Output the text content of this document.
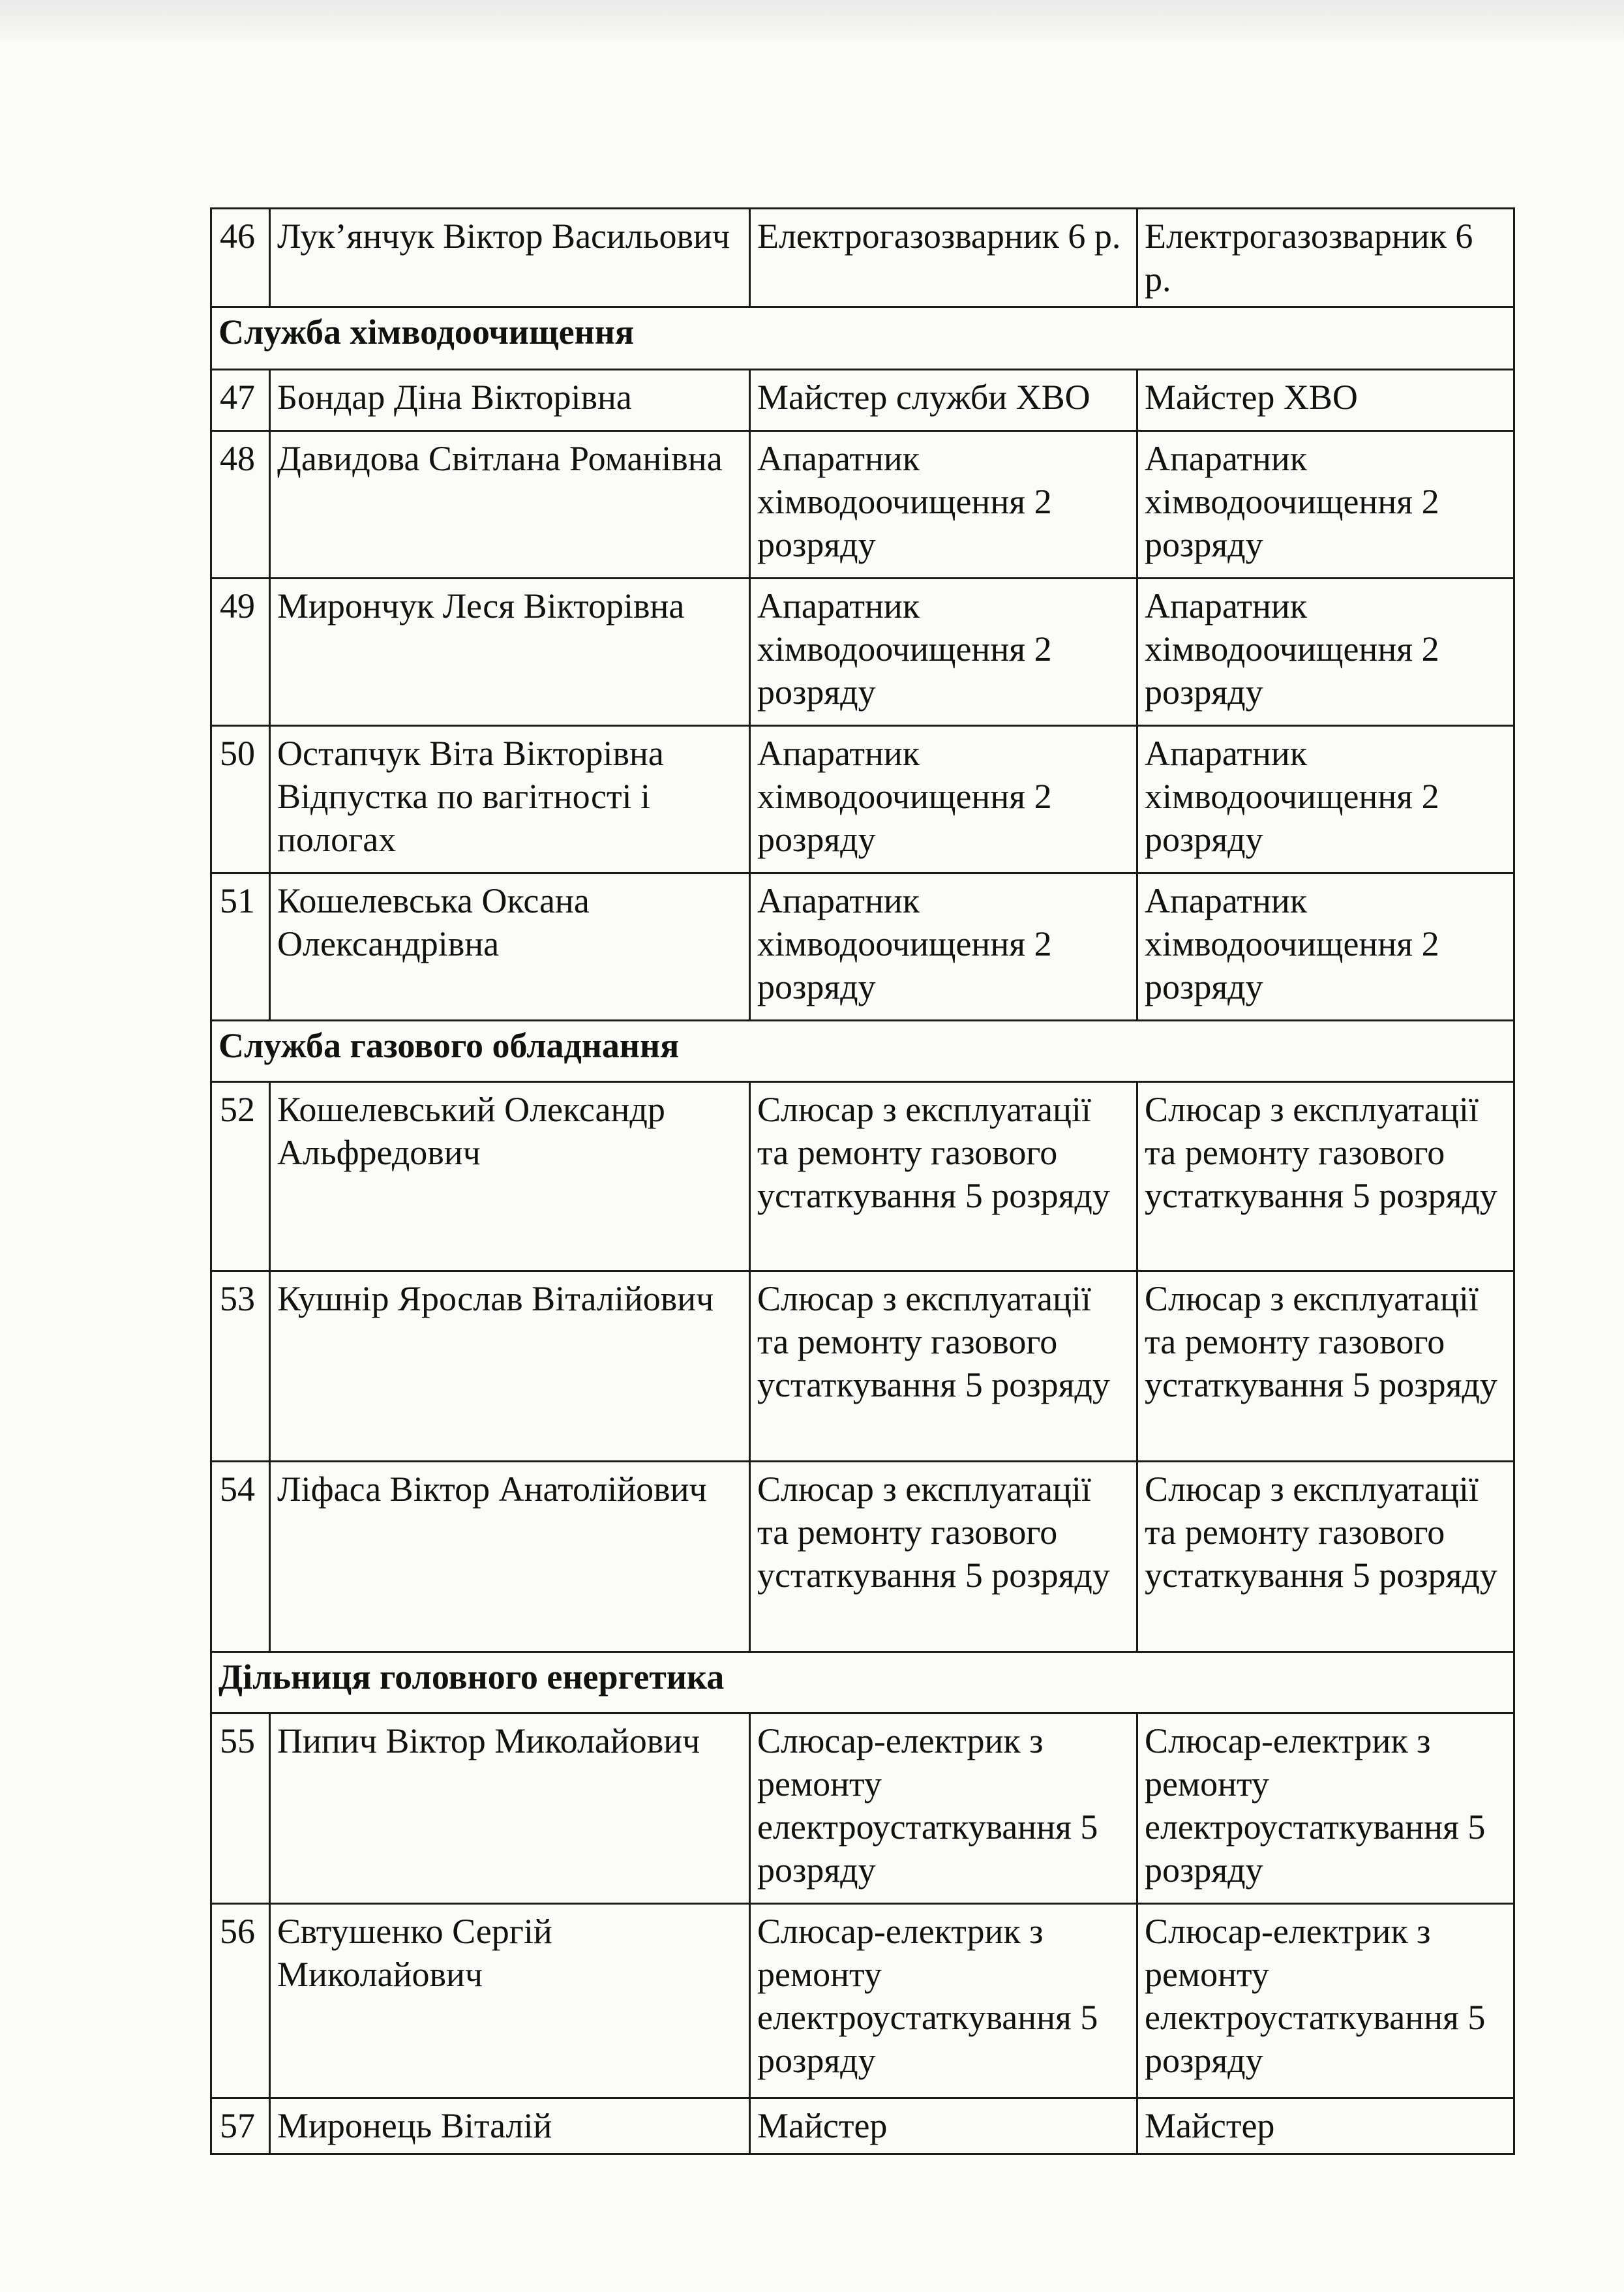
46	Лук’янчук Віктор Васильович	Електрогазозварник 6 р.	Електрогазозварник 6 р.
Служба хімводоочищення			
47	Бондар Діна Вікторівна	Майстер служби ХВО	Майстер ХВО
48	Давидова Світлана Романівна	Апаратник хімводоочищення 2 розряду	Апаратник хімводоочищення 2 розряду
49	Мирончук Леся Вікторівна	Апаратник хімводоочищення 2 розряду	Апаратник хімводоочищення 2 розряду
50	Остапчук Віта Вікторівна Відпустка по вагітності і пологах	Апаратник хімводоочищення 2 розряду	Апаратник хімводоочищення 2 розряду
51	Кошелевська Оксана Олександрівна	Апаратник хімводоочищення 2 розряду	Апаратник хімводоочищення 2 розряду
Служба газового обладнання			
52	Кошелевський Олександр Альфредович	Слюсар з експлуатації та ремонту газового устаткування 5 розряду	Слюсар з експлуатації та ремонту газового устаткування 5 розряду
53	Кушнір Ярослав Віталійович	Слюсар з експлуатації та ремонту газового устаткування 5 розряду	Слюсар з експлуатації та ремонту газового устаткування 5 розряду
54	Ліфаса Віктор Анатолійович	Слюсар з експлуатації та ремонту газового устаткування 5 розряду	Слюсар з експлуатації та ремонту газового устаткування 5 розряду
Дільниця головного енергетика			
55	Пипич Віктор Миколайович	Слюсар-електрик з ремонту електроустаткування 5 розряду	Слюсар-електрик з ремонту електроустаткування 5 розряду
56	Євтушенко Сергій Миколайович	Слюсар-електрик з ремонту електроустаткування 5 розряду	Слюсар-електрик з ремонту електроустаткування 5 розряду
57	Миронець Віталій	Майстер	Майстер
